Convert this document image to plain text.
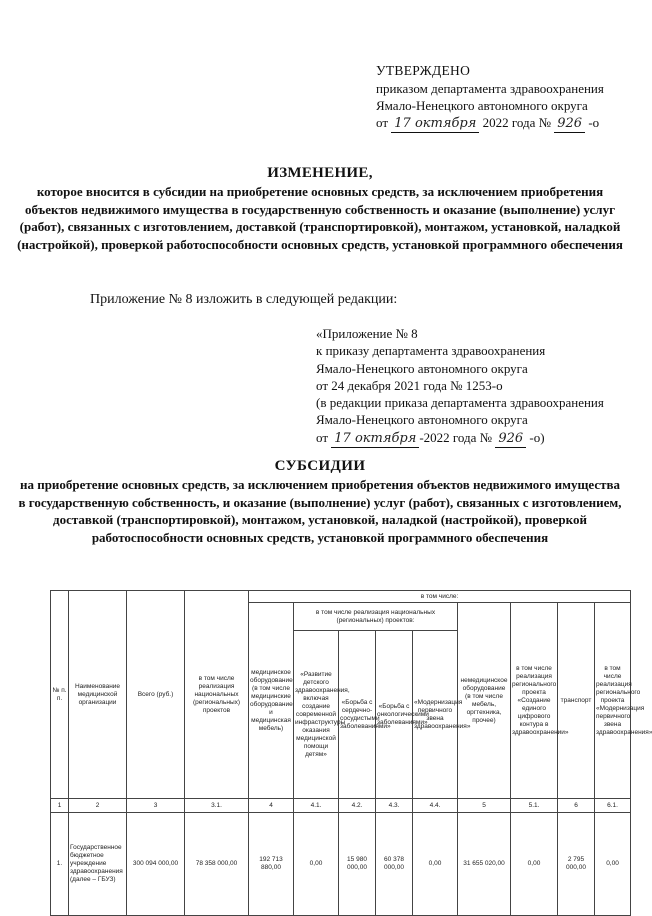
УТВЕРЖДЕНО
приказом департамента здравоохранения
Ямало-Ненецкого автономного округа
от 17 октября 2022 года № 926 -о
ИЗМЕНЕНИЕ,
которое вносится в субсидии на приобретение основных средств, за исключением приобретения объектов недвижимого имущества в государственную собственность и оказание (выполнение) услуг (работ), связанных с изготовлением, доставкой (транспортировкой), монтажом, установкой, наладкой (настройкой), проверкой работоспособности основных средств, установкой программного обеспечения
Приложение № 8 изложить в следующей редакции:
«Приложение № 8
к приказу департамента здравоохранения
Ямало-Ненецкого автономного округа
от 24 декабря 2021 года № 1253-о
(в редакции приказа департамента здравоохранения
Ямало-Ненецкого автономного округа
от 17 октября -2022 года № 926 -о)
СУБСИДИИ
на приобретение основных средств, за исключением приобретения объектов недвижимого имущества в государственную собственность, и оказание (выполнение) услуг (работ), связанных с изготовлением, доставкой (транспортировкой), монтажом, установкой, наладкой (настройкой), проверкой работоспособности основных средств, установкой программного обеспечения
№ п. п.	Наименование медицинской организации	Всего (руб.)	в том числе реализация национальных (региональных) проектов	в том числе:								
				медицинское оборудование (в том числе медицинские оборудование и медицинская мебель)	в том числе реализация национальных (региональных) проектов:				немедицинское оборудование (в том числе мебель, оргтехника, прочее)	в том числе реализация регионального проекта «Создание единого цифрового контура в здравоохранении»	транспорт	в том числе реализация регионального проекта «Модернизация первичного звена здравоохранения»
					«Развитие детского здравоохранения, включая создание современной инфраструктуры оказания медицинской помощи детям»	«Борьба с сердечно-сосудистыми заболеваниями»	«Борьба с онкологическими заболеваниями»	«Модернизация первичного звена здравоохранения»				
1	2	3	3.1.	4	4.1.	4.2.	4.3.	4.4.	5	5.1.	6	6.1.
1.	Государственное бюджетное учреждение здравоохранения (далее – ГБУЗ)	300 094 000,00	78 358 000,00	192 713 880,00	0,00	15 980 000,00	60 378 000,00	0,00	31 655 020,00	0,00	2 795 000,00	0,00
